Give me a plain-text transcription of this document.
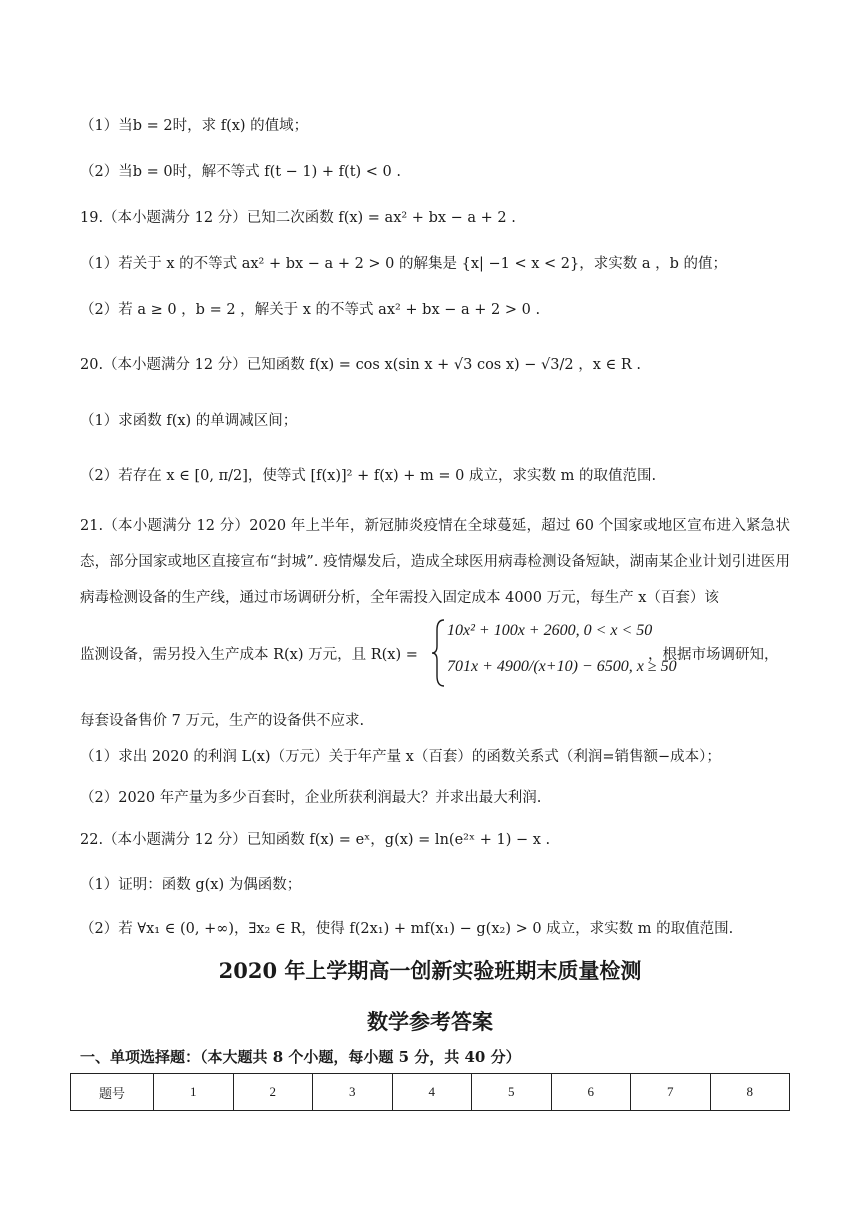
（1）当b = 2时，求 f(x) 的值域；
（2）当b = 0时，解不等式 f(t − 1) + f(t) < 0 .
19.（本小题满分 12 分）已知二次函数 f(x) = ax² + bx − a + 2 .
（1）若关于 x 的不等式 ax² + bx − a + 2 > 0 的解集是 {x| −1 < x < 2}，求实数 a ，b 的值；
（2）若 a ≥ 0 ，b = 2 ，解关于 x 的不等式 ax² + bx − a + 2 > 0 .
20.（本小题满分 12 分）已知函数 f(x) = cos x(sin x + √3 cos x) − √3/2 ，x ∈ R .
（1）求函数 f(x) 的单调减区间；
（2）若存在 x ∈ [0, π/2]，使等式 [f(x)]² + f(x) + m = 0 成立，求实数 m 的取值范围.
21.（本小题满分 12 分）2020 年上半年，新冠肺炎疫情在全球蔓延，超过 60 个国家或地区宣布进入紧急状态，部分国家或地区直接宣布“封城”. 疫情爆发后，造成全球医用病毒检测设备短缺，湖南某企业计划引进医用病毒检测设备的生产线，通过市场调研分析，全年需投入固定成本 4000 万元，每生产 x（百套）该
监测设备，需另投入生产成本 R(x) 万元，且 R(x) =
10x² + 100x + 2600, 0 < x < 50
701x + 4900/(x+10) − 6500, x ≥ 50
，根据市场调研知，
每套设备售价 7 万元，生产的设备供不应求.
（1）求出 2020 的利润 L(x)（万元）关于年产量 x（百套）的函数关系式（利润=销售额−成本）；
（2）2020 年产量为多少百套时，企业所获利润最大？并求出最大利润.
22.（本小题满分 12 分）已知函数 f(x) = eˣ，g(x) = ln(e²ˣ + 1) − x .
（1）证明：函数 g(x) 为偶函数；
（2）若 ∀x₁ ∈ (0, +∞)，∃x₂ ∈ R，使得 f(2x₁) + mf(x₁) − g(x₂) > 0 成立，求实数 m 的取值范围.
2020 年上学期高一创新实验班期末质量检测
数学参考答案
一、单项选择题：（本大题共 8 个小题，每小题 5 分，共 40 分）
题号	1	2	3	4	5	6	7	8
